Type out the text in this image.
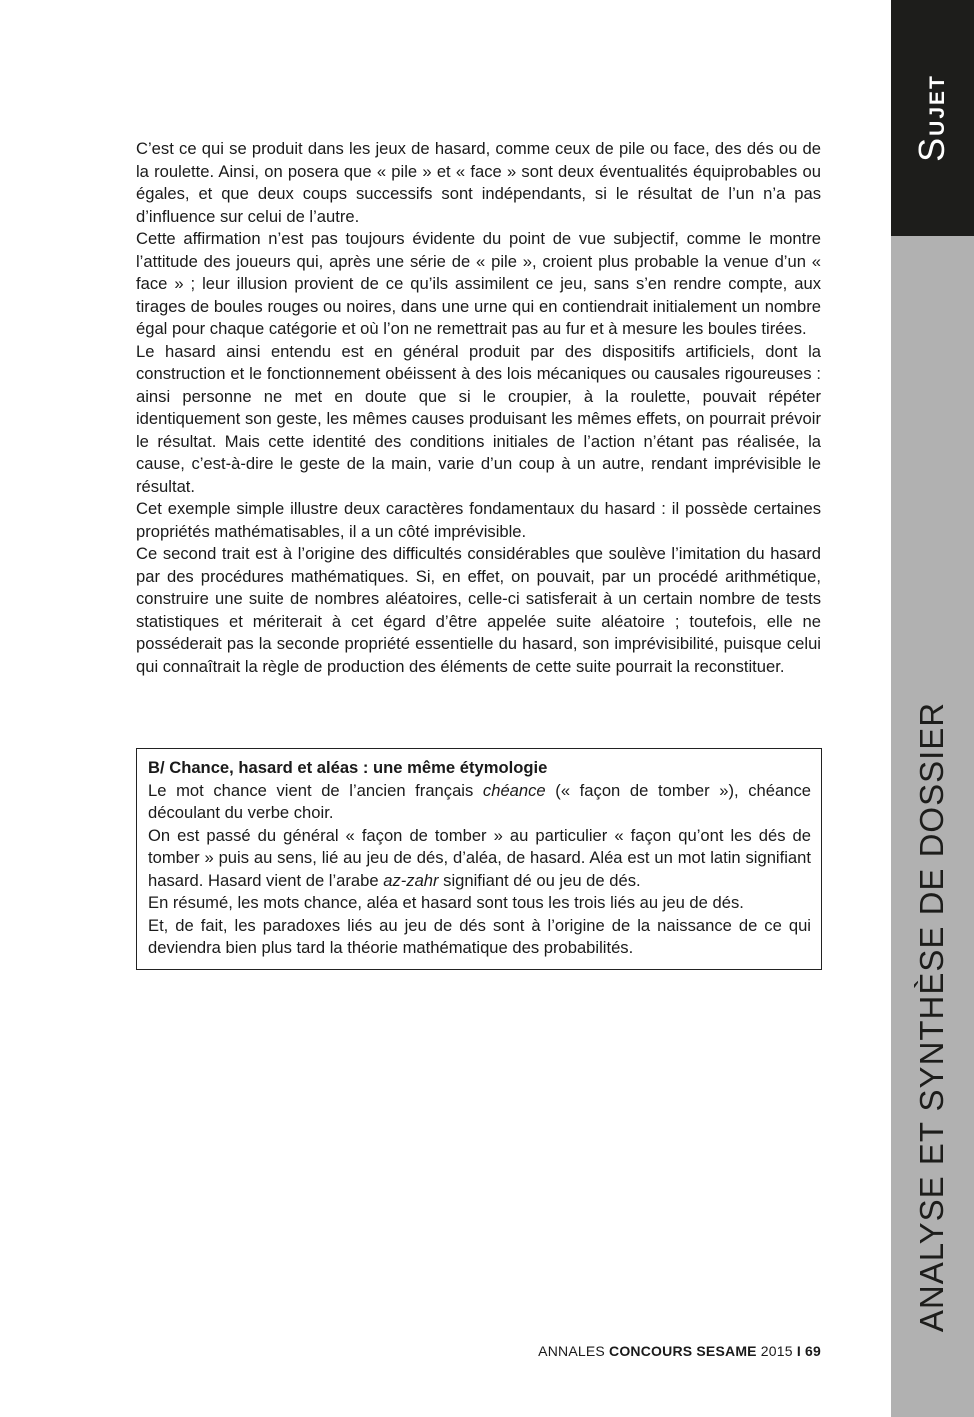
Sujet
ANALYSE ET SYNTHÈSE DE DOSSIER

C’est ce qui se produit dans les jeux de hasard, comme ceux de pile ou face, des dés ou de la roulette. Ainsi, on posera que « pile » et « face » sont deux éventualités équiprobables ou égales, et que deux coups successifs sont indépendants, si le résultat de l’un n’a pas d’influence sur celui de l’autre.

Cette affirmation n’est pas toujours évidente du point de vue subjectif, comme le montre l’attitude des joueurs qui, après une série de « pile », croient plus probable la venue d’un « face » ; leur illusion provient de ce qu’ils assimilent ce jeu, sans s’en rendre compte, aux tirages de boules rouges ou noires, dans une urne qui en contiendrait initialement un nombre égal pour chaque catégorie et où l’on ne remettrait pas au fur et à mesure les boules tirées.

Le hasard ainsi entendu est en général produit par des dispositifs artificiels, dont la construction et le fonctionnement obéissent à des lois mécaniques ou causales rigoureuses : ainsi personne ne met en doute que si le croupier, à la roulette, pouvait répéter identiquement son geste, les mêmes causes produisant les mêmes effets, on pourrait prévoir le résultat. Mais cette identité des conditions initiales de l’action n’étant pas réalisée, la cause, c’est-à-dire le geste de la main, varie d’un coup à un autre, rendant imprévisible le résultat.

Cet exemple simple illustre deux caractères fondamentaux du hasard : il possède certaines propriétés mathématisables, il a un côté imprévisible.

Ce second trait est à l’origine des difficultés considérables que soulève l’imitation du hasard par des procédures mathématiques. Si, en effet, on pouvait, par un procédé arithmétique, construire une suite de nombres aléatoires, celle-ci satisferait à un certain nombre de tests statistiques et mériterait à cet égard d’être appelée suite aléatoire ; toutefois, elle ne posséderait pas la seconde propriété essentielle du hasard, son imprévisibilité, puisque celui qui connaîtrait la règle de production des éléments de cette suite pourrait la reconstituer.

B/ Chance, hasard et aléas : une même étymologie

Le mot chance vient de l’ancien français chéance (« façon de tomber »), chéance découlant du verbe choir.

On est passé du général « façon de tomber » au particulier « façon qu’ont les dés de tomber » puis au sens, lié au jeu de dés, d’aléa, de hasard. Aléa est un mot latin signifiant hasard. Hasard vient de l’arabe az-zahr signifiant dé ou jeu de dés.

En résumé, les mots chance, aléa et hasard sont tous les trois liés au jeu de dés.

Et, de fait, les paradoxes liés au jeu de dés sont à l’origine de la naissance de ce qui deviendra bien plus tard la théorie mathématique des probabilités.

ANNALES CONCOURS SESAME 2015 I 69
